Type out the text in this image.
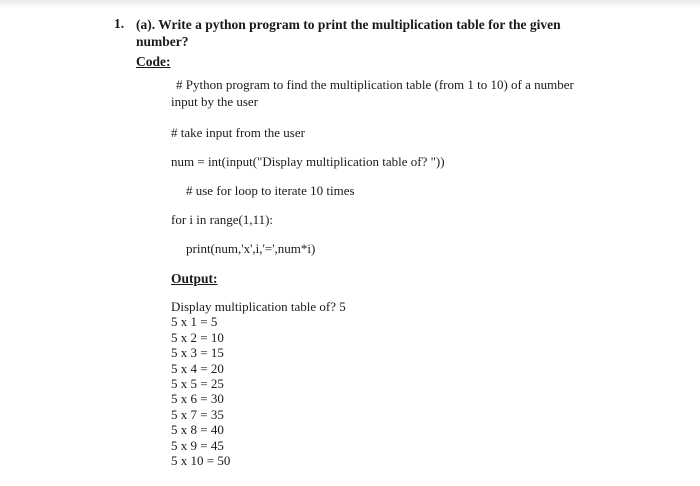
1. (a). Write a python program to print the multiplication table for the given number?
Code:
# Python program to find the multiplication table (from 1 to 10) of a number input by the user
# take input from the user
num = int(input("Display multiplication table of? "))
# use for loop to iterate 10 times
for i in range(1,11):
print(num,'x',i,'=',num*i)
Output:
Display multiplication table of? 5
5 x 1 = 5
5 x 2 = 10
5 x 3 = 15
5 x 4 = 20
5 x 5 = 25
5 x 6 = 30
5 x 7 = 35
5 x 8 = 40
5 x 9 = 45
5 x 10 = 50
